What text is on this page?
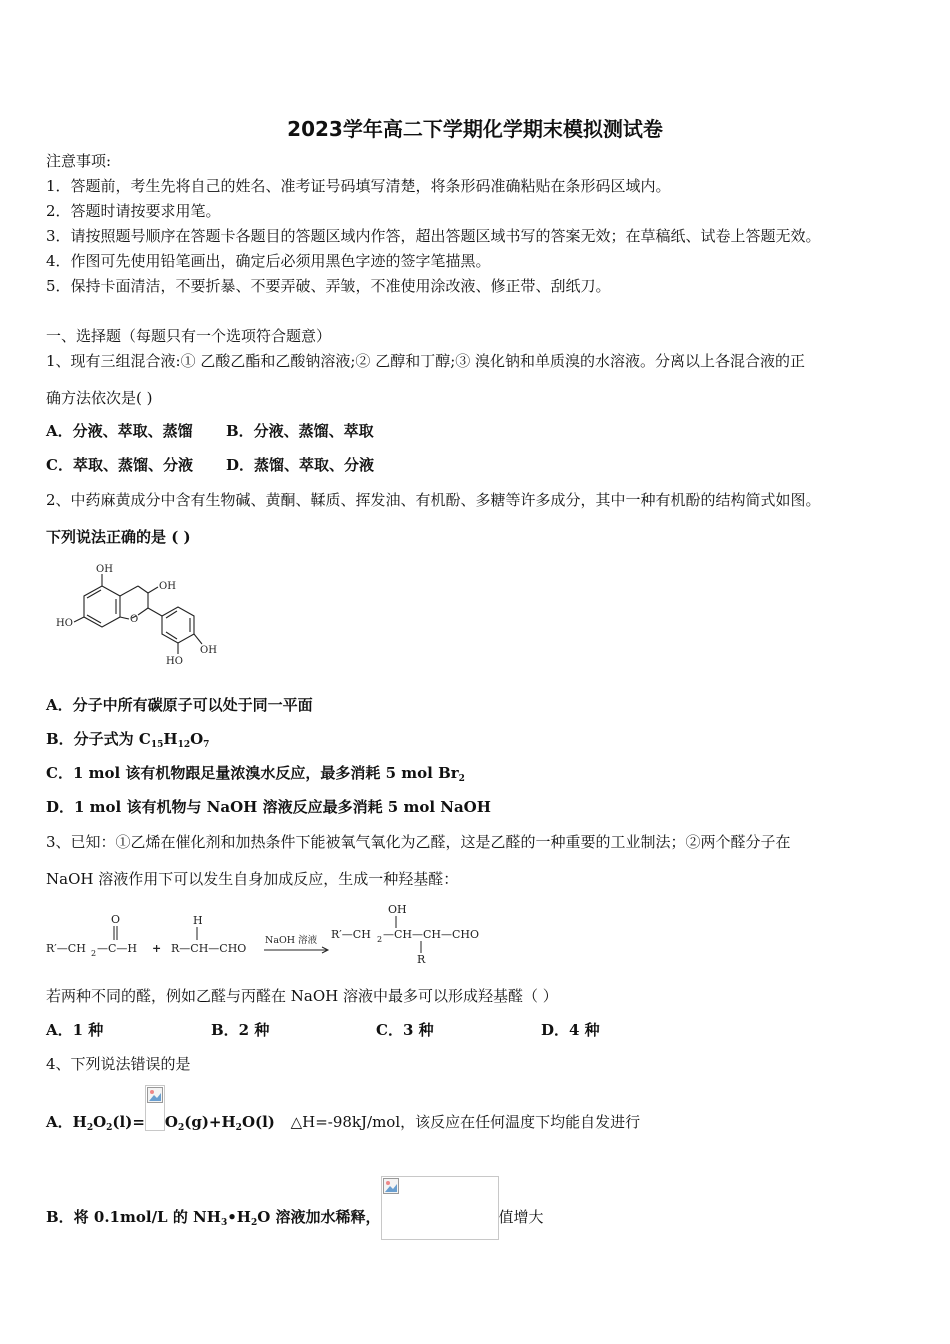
2023学年高二下学期化学期末模拟测试卷
注意事项:
1．答题前，考生先将自己的姓名、准考证号码填写清楚，将条形码准确粘贴在条形码区域内。
2．答题时请按要求用笔。
3．请按照题号顺序在答题卡各题目的答题区域内作答，超出答题区域书写的答案无效；在草稿纸、试卷上答题无效。
4．作图可先使用铅笔画出，确定后必须用黑色字迹的签字笔描黑。
5．保持卡面清洁，不要折暴、不要弄破、弄皱，不准使用涂改液、修正带、刮纸刀。
一、选择题（每题只有一个选项符合题意）
1、现有三组混合液:① 乙酸乙酯和乙酸钠溶液;② 乙醇和丁醇;③ 溴化钠和单质溴的水溶液。分离以上各混合液的正
确方法依次是( )
A．分液、萃取、蒸馏 B．分液、蒸馏、萃取
C．萃取、蒸馏、分液 D．蒸馏、萃取、分液
2、中药麻黄成分中含有生物碱、黄酮、鞣质、挥发油、有机酚、多糖等许多成分，其中一种有机酚的结构简式如图。
下列说法正确的是 ( )
OH
OH
HO	O
OH
HO
A．分子中所有碳原子可以处于同一平面
B．分子式为 $C_{15}H_{12}O_7$
C．1 mol 该有机物跟足量浓溴水反应，最多消耗 5 mol $Br_2$
D．1 mol 该有机物与 NaOH 溶液反应最多消耗 5 mol NaOH
3、已知：①乙烯在催化剂和加热条件下能被氧气氧化为乙醛，这是乙醛的一种重要的工业制法；②两个醛分子在
NaOH 溶液作用下可以发生自身加成反应，生成一种羟基醛：
R′—CH 2 —C—H
O
+ R—CH—CHO
H
NaOH 溶液 R′—CH 2 —CH—CH—CHO
OH
R
若两种不同的醛，例如乙醛与丙醛在 NaOH 溶液中最多可以形成羟基醛（ ）
A．1 种	B．2 种	C．3 种	D．4 种
4、下列说法错误的是
A．$H_2O_2(l)= O_2(g)+H_2O(l)$ △H=-98kJ/mol，该反应在任何温度下均能自发进行
B．将 0.1mol/L 的 $NH_3•H_2O$ 溶液加水稀释，	值增大
